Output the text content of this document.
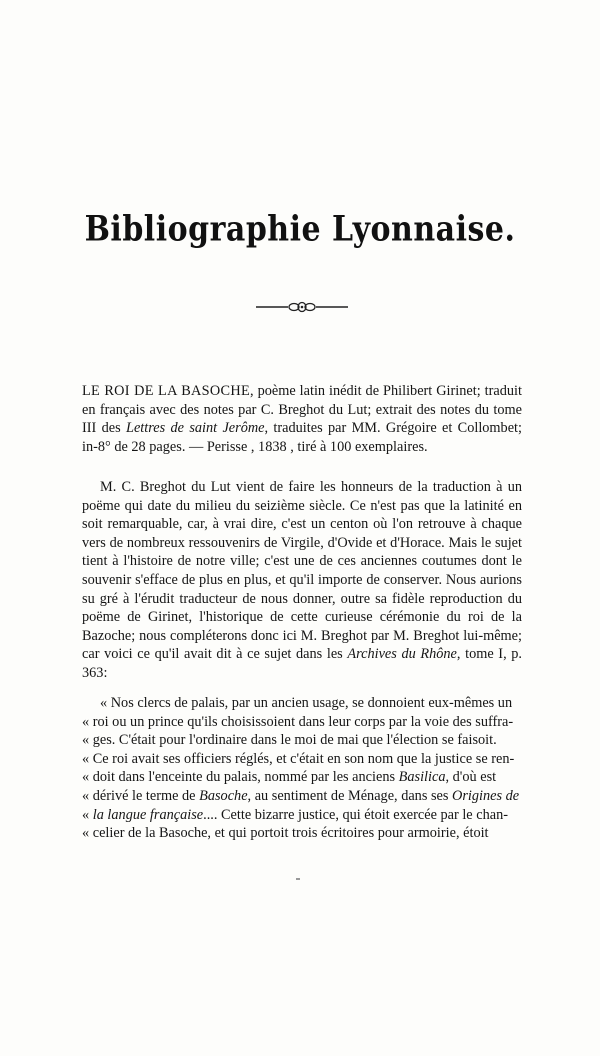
Bibliographie Lyonnaise.
LE ROI DE LA BASOCHE, poème latin inédit de Philibert Girinet; traduit en français avec des notes par C. Breghot du Lut; extrait des notes du tome III des Lettres de saint Jerôme, traduites par MM. Grégoire et Collombet; in-8° de 28 pages. — Perisse , 1838 , tiré à 100 exemplaires.
M. C. Breghot du Lut vient de faire les honneurs de la traduction à un poëme qui date du milieu du seizième siècle. Ce n'est pas que la latinité en soit remarquable, car, à vrai dire, c'est un centon où l'on retrouve à chaque vers de nombreux ressouvenirs de Virgile, d'Ovide et d'Horace. Mais le sujet tient à l'histoire de notre ville; c'est une de ces anciennes coutumes dont le souvenir s'efface de plus en plus, et qu'il importe de conserver. Nous aurions su gré à l'érudit traducteur de nous donner, outre sa fidèle reproduction du poëme de Girinet, l'historique de cette curieuse cérémonie du roi de la Bazoche; nous compléterons donc ici M. Breghot par M. Breghot lui-même; car voici ce qu'il avait dit à ce sujet dans les Archives du Rhône, tome I, p. 363:
« Nos clercs de palais, par un ancien usage, se donnoient eux-mêmes un
« roi ou un prince qu'ils choisissoient dans leur corps par la voie des suffra-
« ges. C'était pour l'ordinaire dans le moi de mai que l'élection se faisoit.
« Ce roi avait ses officiers réglés, et c'était en son nom que la justice se ren-
« doit dans l'enceinte du palais, nommé par les anciens Basilica, d'où est
« dérivé le terme de Basoche, au sentiment de Ménage, dans ses Origines de
« la langue française.... Cette bizarre justice, qui étoit exercée par le chan-
« celier de la Basoche, et qui portoit trois écritoires pour armoirie, étoit
